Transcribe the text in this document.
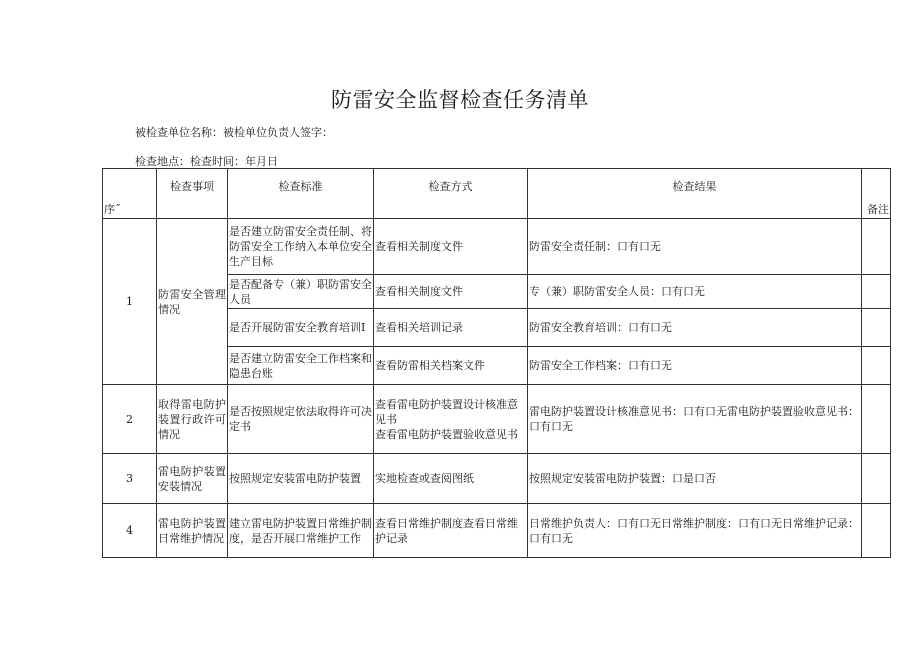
防雷安全监督检查任务清单
被检查单位名称：被检单位负责人签字：
检查地点：检查时间：年月日
序˝	检查事项	检查标准	检查方式	检查结果	备注
1	防雷安全管理情况	是否建立防雷安全责任制、将防雷安全工作纳入本单位安全生产目标	查看相关制度文件	防雷安全责任制：口有口无	
		是否配备专（兼）职防雷安全人员	查看相关制度文件	专（兼）职防雷安全人员：口有口无	
		是否开展防雷安全教育培训I	查看相关培训记录	防雷安全教育培训：口有口无	
		是否建立防雷安全工作档案和隐患台账	查看防雷相关档案文件	防雷安全工作档案：口有口无	
2	取得雷电防护装置行政许可情况	是否按照规定依法取得许可决定书	查看雷电防护装置设计核准意见书
查看雷电防护装置验收意见书	雷电防护装置设计核准意见书：口有口无雷电防护装置验收意见书：口有口无	
3	雷电防护装置安装情况	按照规定安装雷电防护装置	实地检查或查阅图纸	按照规定安装雷电防护装置：口是口否	
4	雷电防护装置日常维护情况	建立雷电防护装置日常维护制度，是否开展口常维护工作	查看日常维护制度查看日常维护记录	日常维护负责人：口有口无日常维护制度：口有口无日常维护记录：口有口无	
